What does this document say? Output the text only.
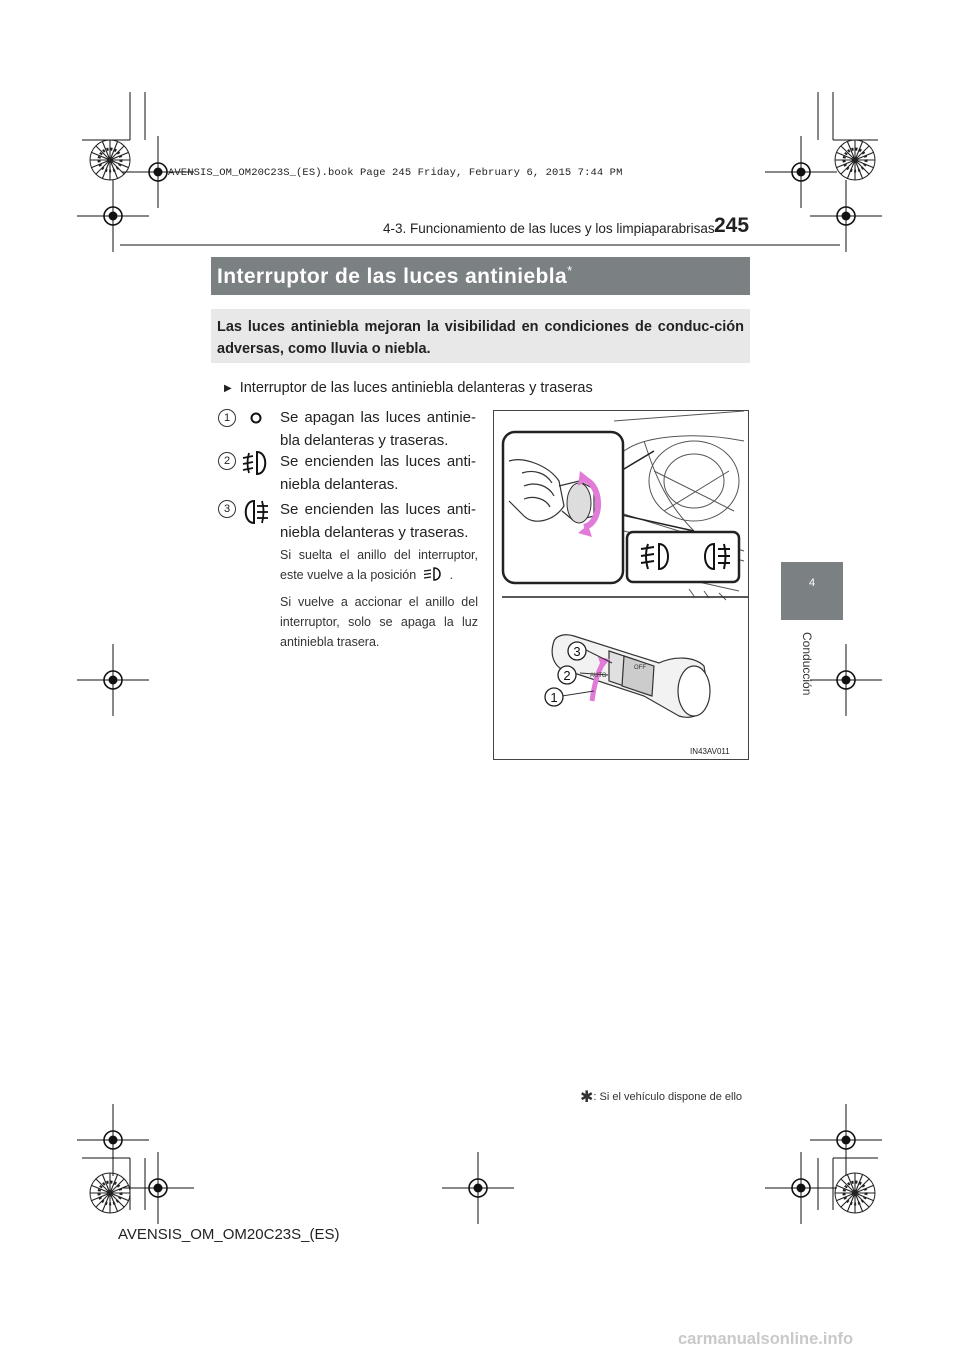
AVENSIS_OM_OM20C23S_(ES).book Page 245 Friday, February 6, 2015 7:44 PM
4-3. Funcionamiento de las luces y los limpiaparabrisas 245
Interruptor de las luces antiniebla*
Las luces antiniebla mejoran la visibilidad en condiciones de conduc-ción adversas, como lluvia o niebla.
4
Conducción
▶ Interruptor de las luces antiniebla delanteras y traseras
1	Se apagan las luces antinie-bla delanteras y traseras.
2	Se encienden las luces anti-niebla delanteras.
3	Se encienden las luces anti-niebla delanteras y traseras.
Si suelta el anillo del interruptor, este vuelve a la posición .
Si vuelve a accionar el anillo del interruptor, solo se apaga la luz antiniebla trasera.
3
2
1
AUTO
OFF
IN43AV011
✱: Si el vehículo dispone de ello
AVENSIS_OM_OM20C23S_(ES)
carmanualsonline.info
